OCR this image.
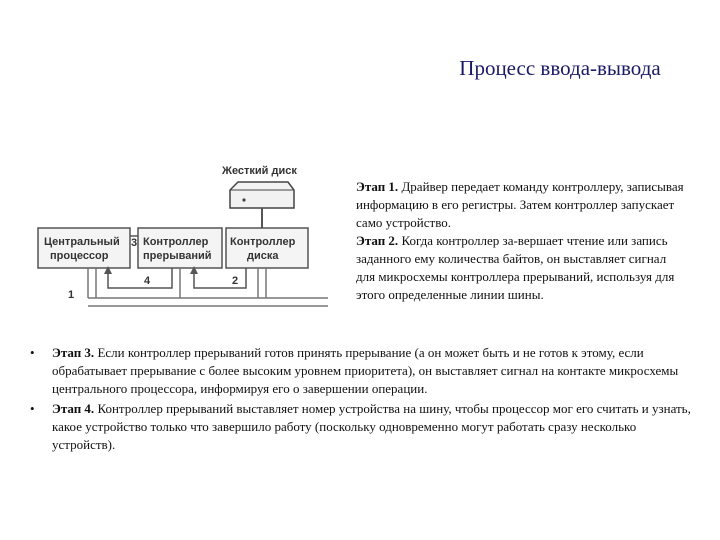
Процесс ввода-вывода
Жесткий диск
Центральный
процессор
Контроллер
прерываний
Контроллер
диска
3
4	2
1

Этап 1. Драйвер передает команду контроллеру, записывая информацию в его регистры. Затем контроллер запускает само устройство.

Этап 2. Когда контроллер за-вершает чтение или запись заданного ему количества байтов, он выставляет сигнал для микросхемы контроллера прерываний, используя для этого определенные линии шины.

• Этап 3. Если контроллер прерываний готов принять прерывание (а он может быть и не готов к этому, если обрабатывает прерывание с более высоким уровнем приоритета), он выставляет сигнал на контакте микросхемы центрального процессора, информируя его о завершении операции.
• Этап 4. Контроллер прерываний выставляет номер устройства на шину, чтобы процессор мог его считать и узнать, какое устройство только что завершило работу (поскольку одновременно могут работать сразу несколько устройств).
